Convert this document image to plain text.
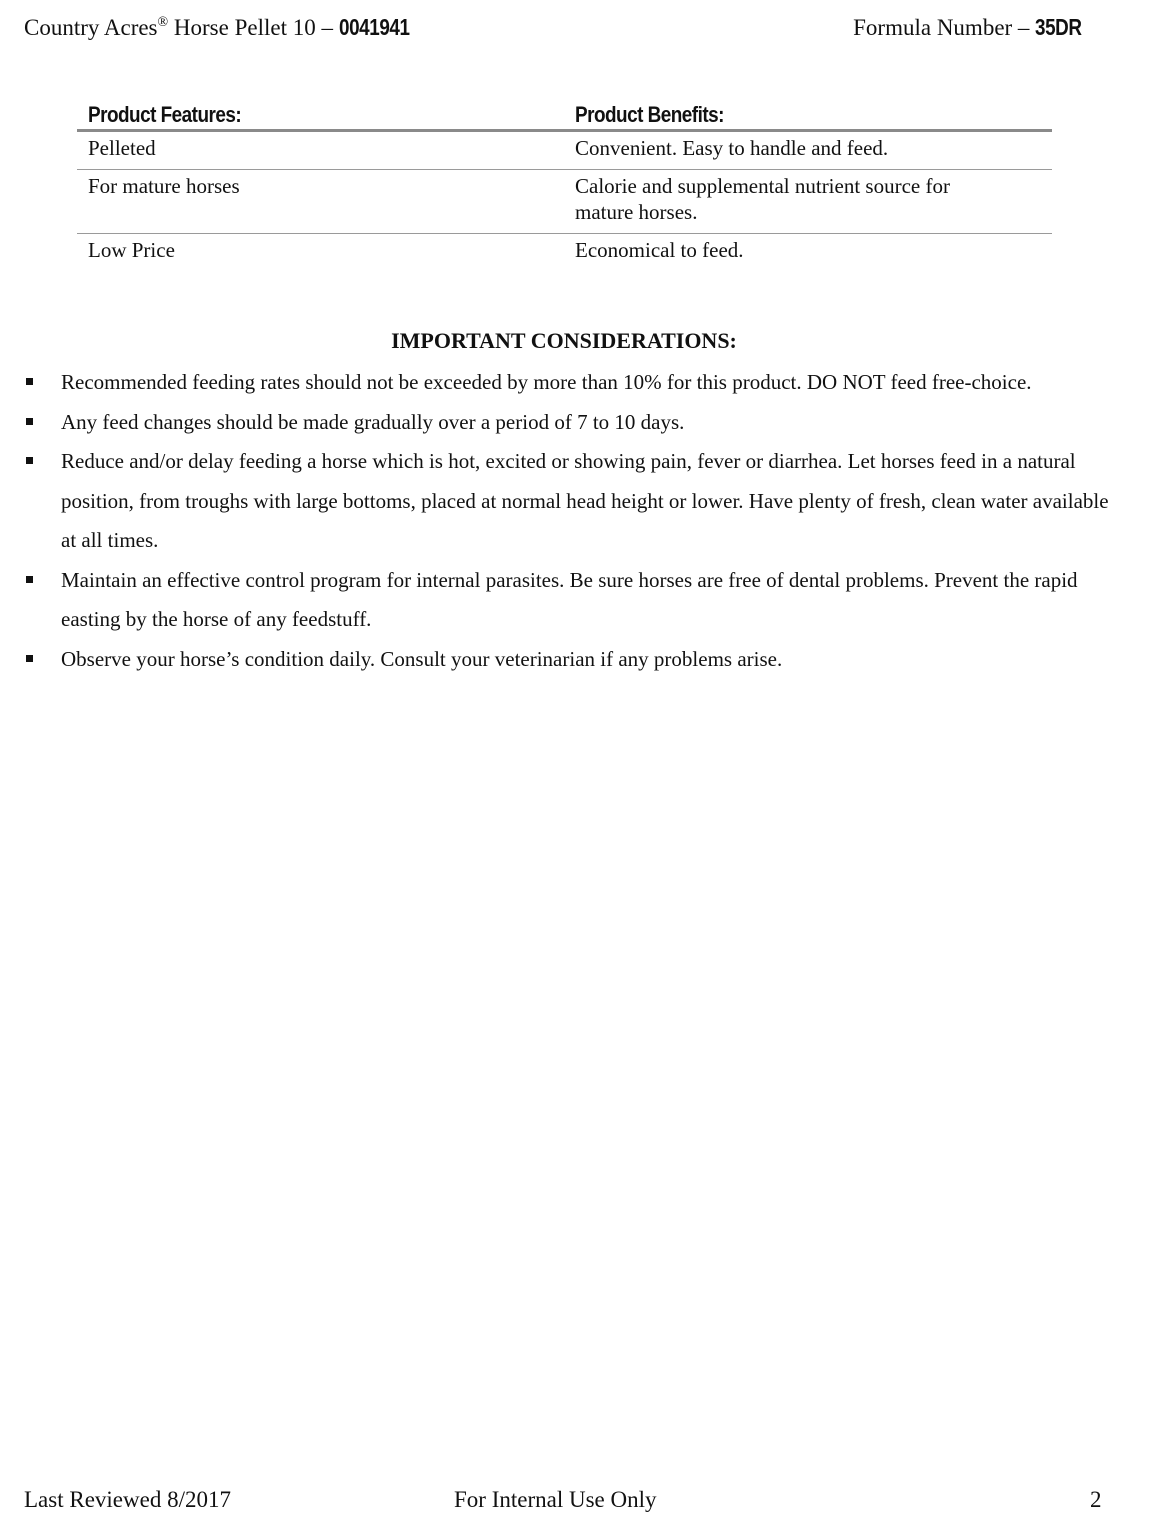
Country Acres® Horse Pellet 10 – 0041941	Formula Number – 35DR
Product Features:	Product Benefits:
Pelleted	Convenient. Easy to handle and feed.
For mature horses	Calorie and supplemental nutrient source for mature horses.
Low Price	Economical to feed.
IMPORTANT CONSIDERATIONS:
Recommended feeding rates should not be exceeded by more than 10% for this product. DO NOT feed free-choice.
Any feed changes should be made gradually over a period of 7 to 10 days.
Reduce and/or delay feeding a horse which is hot, excited or showing pain, fever or diarrhea. Let horses feed in a natural position, from troughs with large bottoms, placed at normal head height or lower. Have plenty of fresh, clean water available at all times.
Maintain an effective control program for internal parasites. Be sure horses are free of dental problems. Prevent the rapid easting by the horse of any feedstuff.
Observe your horse’s condition daily. Consult your veterinarian if any problems arise.
Last Reviewed 8/2017	For Internal Use Only	2
